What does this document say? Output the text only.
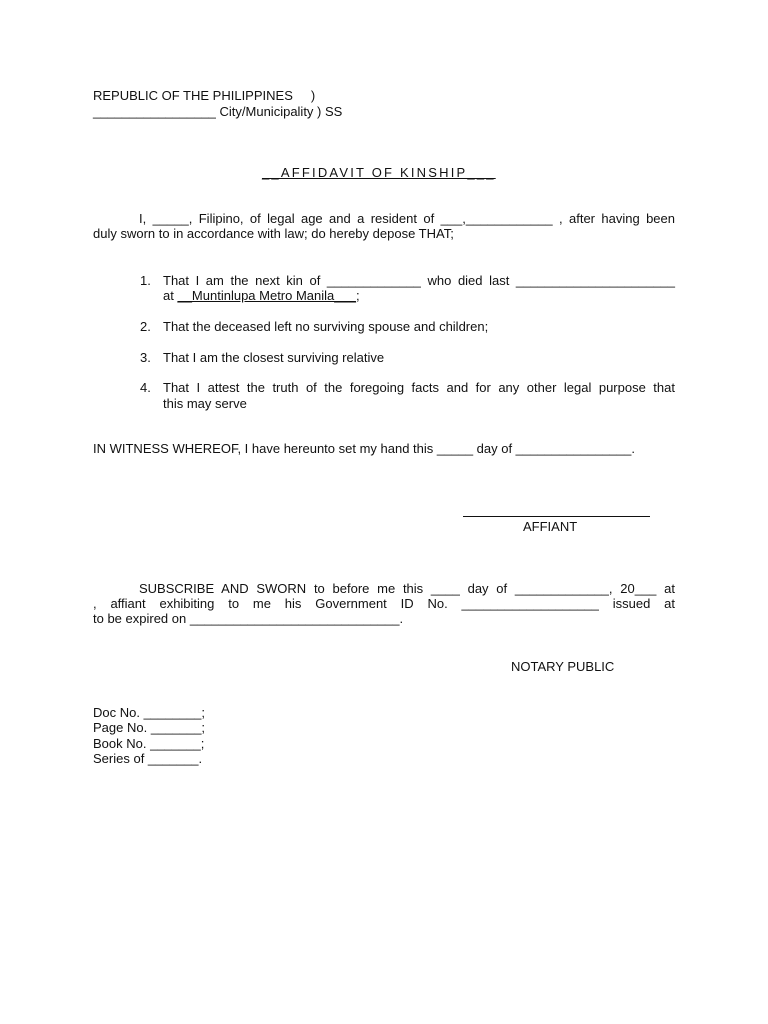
REPUBLIC OF THE PHILIPPINES     )
_________________ City/Municipality ) SS
__AFFIDAVIT OF KINSHIP___
I, _____, Filipino, of legal age and a resident of ___,____________ , after having been
duly sworn to in accordance with law; do hereby depose THAT;
1. That I am the next kin of _____________ who died last ______________________
at __Muntinlupa Metro Manila___;
2. That the deceased left no surviving spouse and children;
3. That I am the closest surviving relative
4. That I attest the truth of the foregoing facts and for any other legal purpose that
this may serve
IN WITNESS WHEREOF, I have hereunto set my hand this _____ day of ________________.
AFFIANT
SUBSCRIBE AND SWORN to before me this ____ day of _____________, 20___ at
, affiant exhibiting to me his Government ID No. ___________________ issued at
to be expired on _____________________________.
NOTARY PUBLIC
Doc No. ________;
Page No. _______;
Book No. _______;
Series of _______.
